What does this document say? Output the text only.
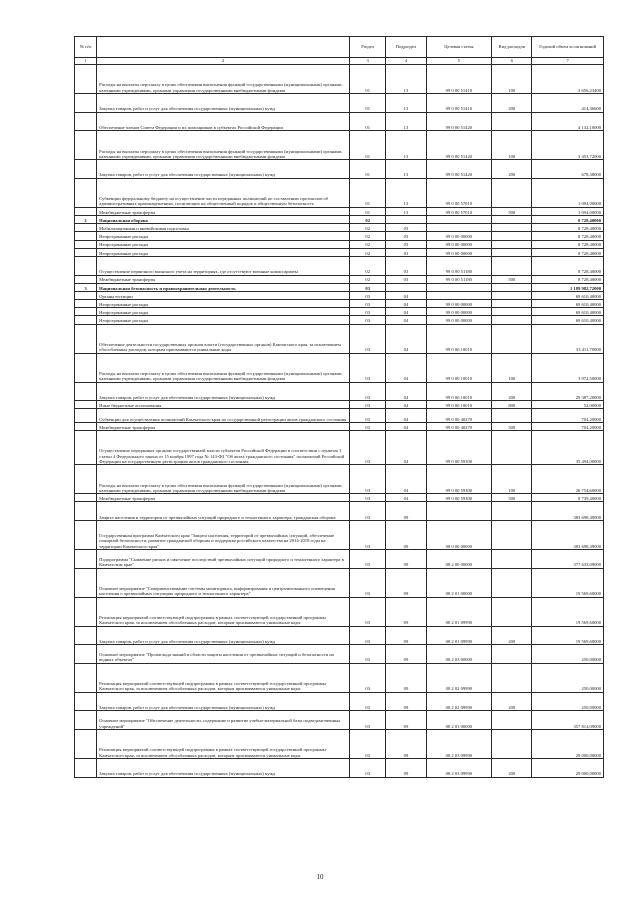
№ п/п		Раздел	Подраздел	Целевая статья	Вид расходов	Годовой объем ассигнований
1	2	3	4	5	6	7
	Расходы на выплаты персоналу в целях обеспечения выполнения функций государственными (муниципальными) органами, казенными учреждениями, органами управления государственными внебюджетными фондами	01	13	99 0 00 51410	100	3 656,23400
	Закупка товаров, работ и услуг для обеспечения государственных (муниципальных) нужд	01	13	99 0 00 51410	200	414,36600
	Обеспечение членов Совета Федерации и их помощников в субъектах Российской Федерации	01	13	99 0 00 51420		4 132,10000
	Расходы на выплаты персоналу в целях обеспечения выполнения функций государственными (муниципальными) органами, казенными учреждениями, органами управления государственными внебюджетными фондами	01	13	99 0 00 51420	100	3 453,72000
	Закупка товаров, работ и услуг для обеспечения государственных (муниципальных) нужд	01	13	99 0 00 51420	200	678,38000
	Субвенции федеральному бюджету на осуществление части переданных полномочий по составлению протоколов об административных правонарушениях, посягающих на общественный порядок и общественную безопасность	01	13	99 0 00 57010		1 094,00000
	Межбюджетные трансферты	01	13	99 0 00 57010	500	1 094,00000
2	Национальная оборона	02				8 728,40000
	Мобилизационная и вневойсковая подготовка	02	03			8 728,40000
	Непрограммные расходы	02	03	99 0 00 00000		8 728,40000
	Непрограммные расходы	02	03	99 0 00 00000		8 728,40000
	Непрограммные расходы	02	03	99 0 00 00000		8 728,40000
	Осуществление первичного воинского учета на территориях, где отсутствуют военные комиссариаты	02	03	99 0 00 51180		8 728,40000
	Межбюджетные трансферты	02	03	99 0 00 51180	500	8 728,40000
3	Национальная безопасность и правоохранительная деятельность	03				1 189 982,72000
	Органы юстиции	03	04			69 610,40000
	Непрограммные расходы	03	04	99 0 00 00000		69 610,40000
	Непрограммные расходы	03	04	99 0 00 00000		69 610,40000
	Непрограммные расходы	03	04	99 0 00 00000		69 610,40000
	Обеспечение деятельности государственных органов власти (государственных органов) Камчатского края, за исключением обособленных расходов, которым присваиваются уникальные коды	03	04	99 0 00 10010		33 411,70000
	Расходы на выплаты персоналу в целях обеспечения выполнения функций государственными (муниципальными) органами, казенными учреждениями, органами управления государственными внебюджетными фондами	03	04	99 0 00 10010	100	3 972,50000
	Закупка товаров, работ и услуг для обеспечения государственных (муниципальных) нужд	03	04	99 0 00 10010	200	29 387,20000
	Иные бюджетные ассигнования	03	04	99 0 00 10010	800	52,00000
	Субвенции для осуществления полномочий Камчатского края по государственной регистрации актов гражданского состояния	03	04	99 0 00 40270		704,20000
	Межбюджетные трансферты	03	04	99 0 00 40270	500	704,20000
	Осуществление переданных органам государственной власти субъектов Российской Федерации в соответствии с пунктом 1 статьи 4 Федерального закона от 15 ноября 1997 года № 143-ФЗ "Об актах гражданского состояния" полномочий Российской Федерации на государственную регистрацию актов гражданского состояния	03	04	99 0 00 59300		35 494,00000
	Расходы на выплаты персоналу в целях обеспечения выполнения функций государственными (муниципальными) органами, казенными учреждениями, органами управления государственными внебюджетными фондами	03	04	99 0 00 59300	100	26 754,60000
	Межбюджетные трансферты	03	04	99 0 00 59300	500	8 739,40000
	Защита населения и территории от чрезвычайных ситуаций природного и техногенного характера, гражданская оборона	03	09			383 698,49000
	Государственная программа Камчатского края "Защита населения, территорий от чрезвычайных ситуаций, обеспечение пожарной безопасности, развитие гражданской обороны и поддержка российского казачества на 2014-2018 годы на территории Камчатского края"	03	09	08 0 00 00000		383 698,49000
	Подпрограмма "Снижение рисков и смягчение последствий чрезвычайных ситуаций природного и техногенного характера в Камчатском крае"	03	09	08 2 00 00000		377 633,09000
	Основное мероприятие "Совершенствование системы мониторинга, информирования и централизованного оповещения населения о чрезвычайных ситуациях природного и техногенного характера"	03	09	08 2 01 00000		19 569,60000
	Реализация мероприятий соответствующей подпрограммы в рамках соответствующей государственной программы Камчатского края, за исключением обособленных расходов, которым присваиваются уникальные коды	03	09	08 2 01 09990		19 569,60000
	Закупка товаров, работ и услуг для обеспечения государственных (муниципальных) нужд	03	09	08 2 01 09990	200	19 569,60000
	Основное мероприятие "Пропаганда знаний в области защиты населения от чрезвычайных ситуаций и безопасности на водных объектах"	03	09	08 2 03 00000		250,00000
	Реализация мероприятий соответствующей подпрограммы в рамках соответствующей государственной программы Камчатского края, за исключением обособленных расходов, которым присваиваются уникальные коды	03	09	08 2 02 09990		250,00000
	Закупка товаров, работ и услуг для обеспечения государственных (муниципальных) нужд	03	09	08 2 02 09990	200	250,00000
	Основное мероприятие "Обеспечение деятельности, содержание и развитие учебно-материальной базы подведомственных учреждений"	03	09	08 2 03 00000		357 814,09000
	Реализация мероприятий соответствующей подпрограммы в рамках соответствующей государственной программы Камчатского края, за исключением обособленных расходов, которым присваиваются уникальные коды	03	09	08 2 03 09990		29 000,00000
	Закупка товаров, работ и услуг для обеспечения государственных (муниципальных) нужд	03	09	08 2 03 09990	200	29 000,00000
10
